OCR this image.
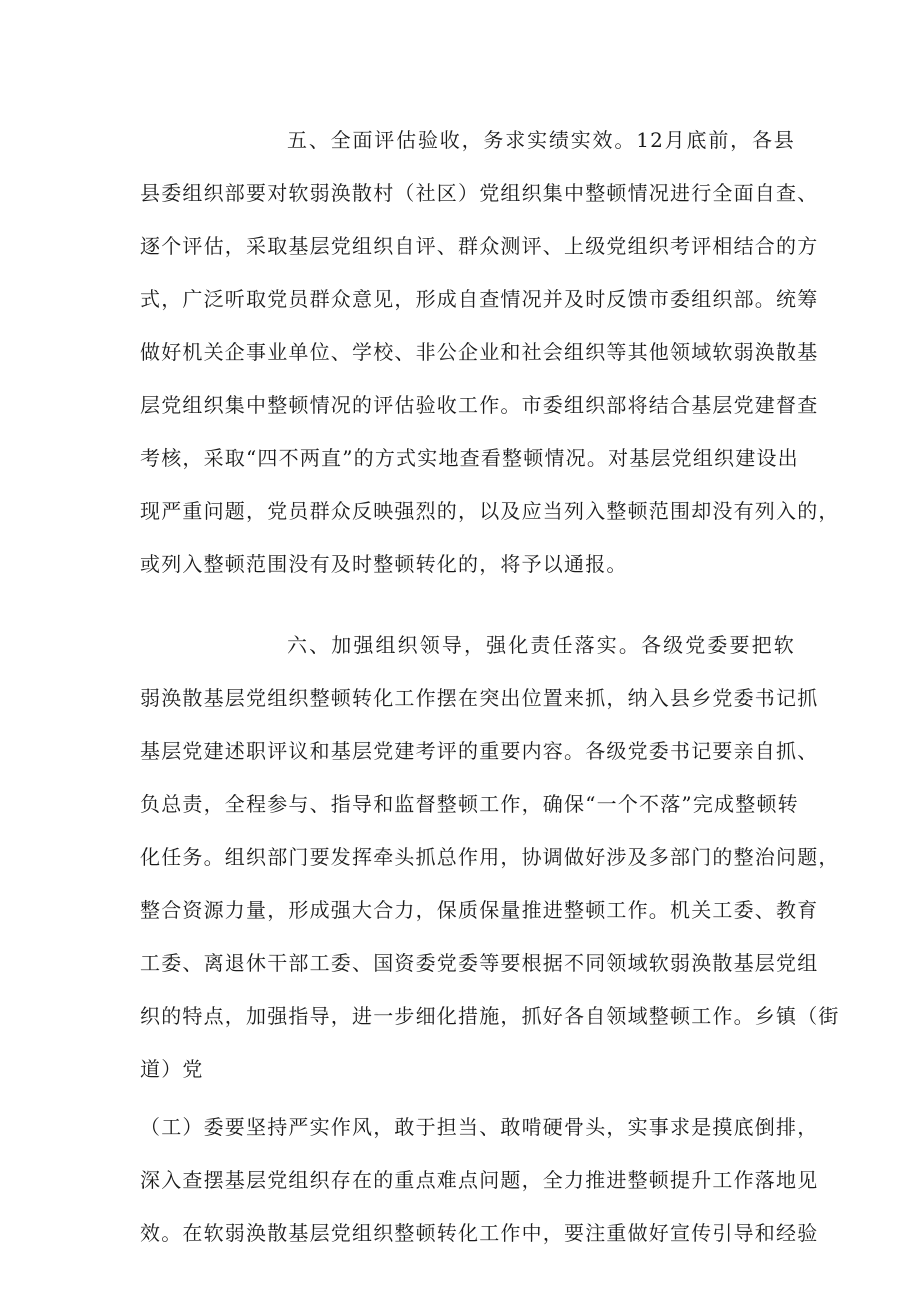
五、全面评估验收，务求实绩实效。12月底前，各县
县委组织部要对软弱涣散村（社区）党组织集中整顿情况进行全面自查、
逐个评估，采取基层党组织自评、群众测评、上级党组织考评相结合的方
式，广泛听取党员群众意见，形成自查情况并及时反馈市委组织部。统筹
做好机关企事业单位、学校、非公企业和社会组织等其他领域软弱涣散基
层党组织集中整顿情况的评估验收工作。市委组织部将结合基层党建督查
考核，采取“四不两直”的方式实地查看整顿情况。对基层党组织建设出
现严重问题，党员群众反映强烈的，以及应当列入整顿范围却没有列入的，
或列入整顿范围没有及时整顿转化的，将予以通报。
六、加强组织领导，强化责任落实。各级党委要把软
弱涣散基层党组织整顿转化工作摆在突出位置来抓，纳入县乡党委书记抓
基层党建述职评议和基层党建考评的重要内容。各级党委书记要亲自抓、
负总责，全程参与、指导和监督整顿工作，确保“一个不落”完成整顿转
化任务。组织部门要发挥牵头抓总作用，协调做好涉及多部门的整治问题，
整合资源力量，形成强大合力，保质保量推进整顿工作。机关工委、教育
工委、离退休干部工委、国资委党委等要根据不同领域软弱涣散基层党组
织的特点，加强指导，进一步细化措施，抓好各自领域整顿工作。乡镇（街
道）党
（工）委要坚持严实作风，敢于担当、敢啃硬骨头，实事求是摸底倒排，
深入查摆基层党组织存在的重点难点问题，全力推进整顿提升工作落地见
效。在软弱涣散基层党组织整顿转化工作中，要注重做好宣传引导和经验
